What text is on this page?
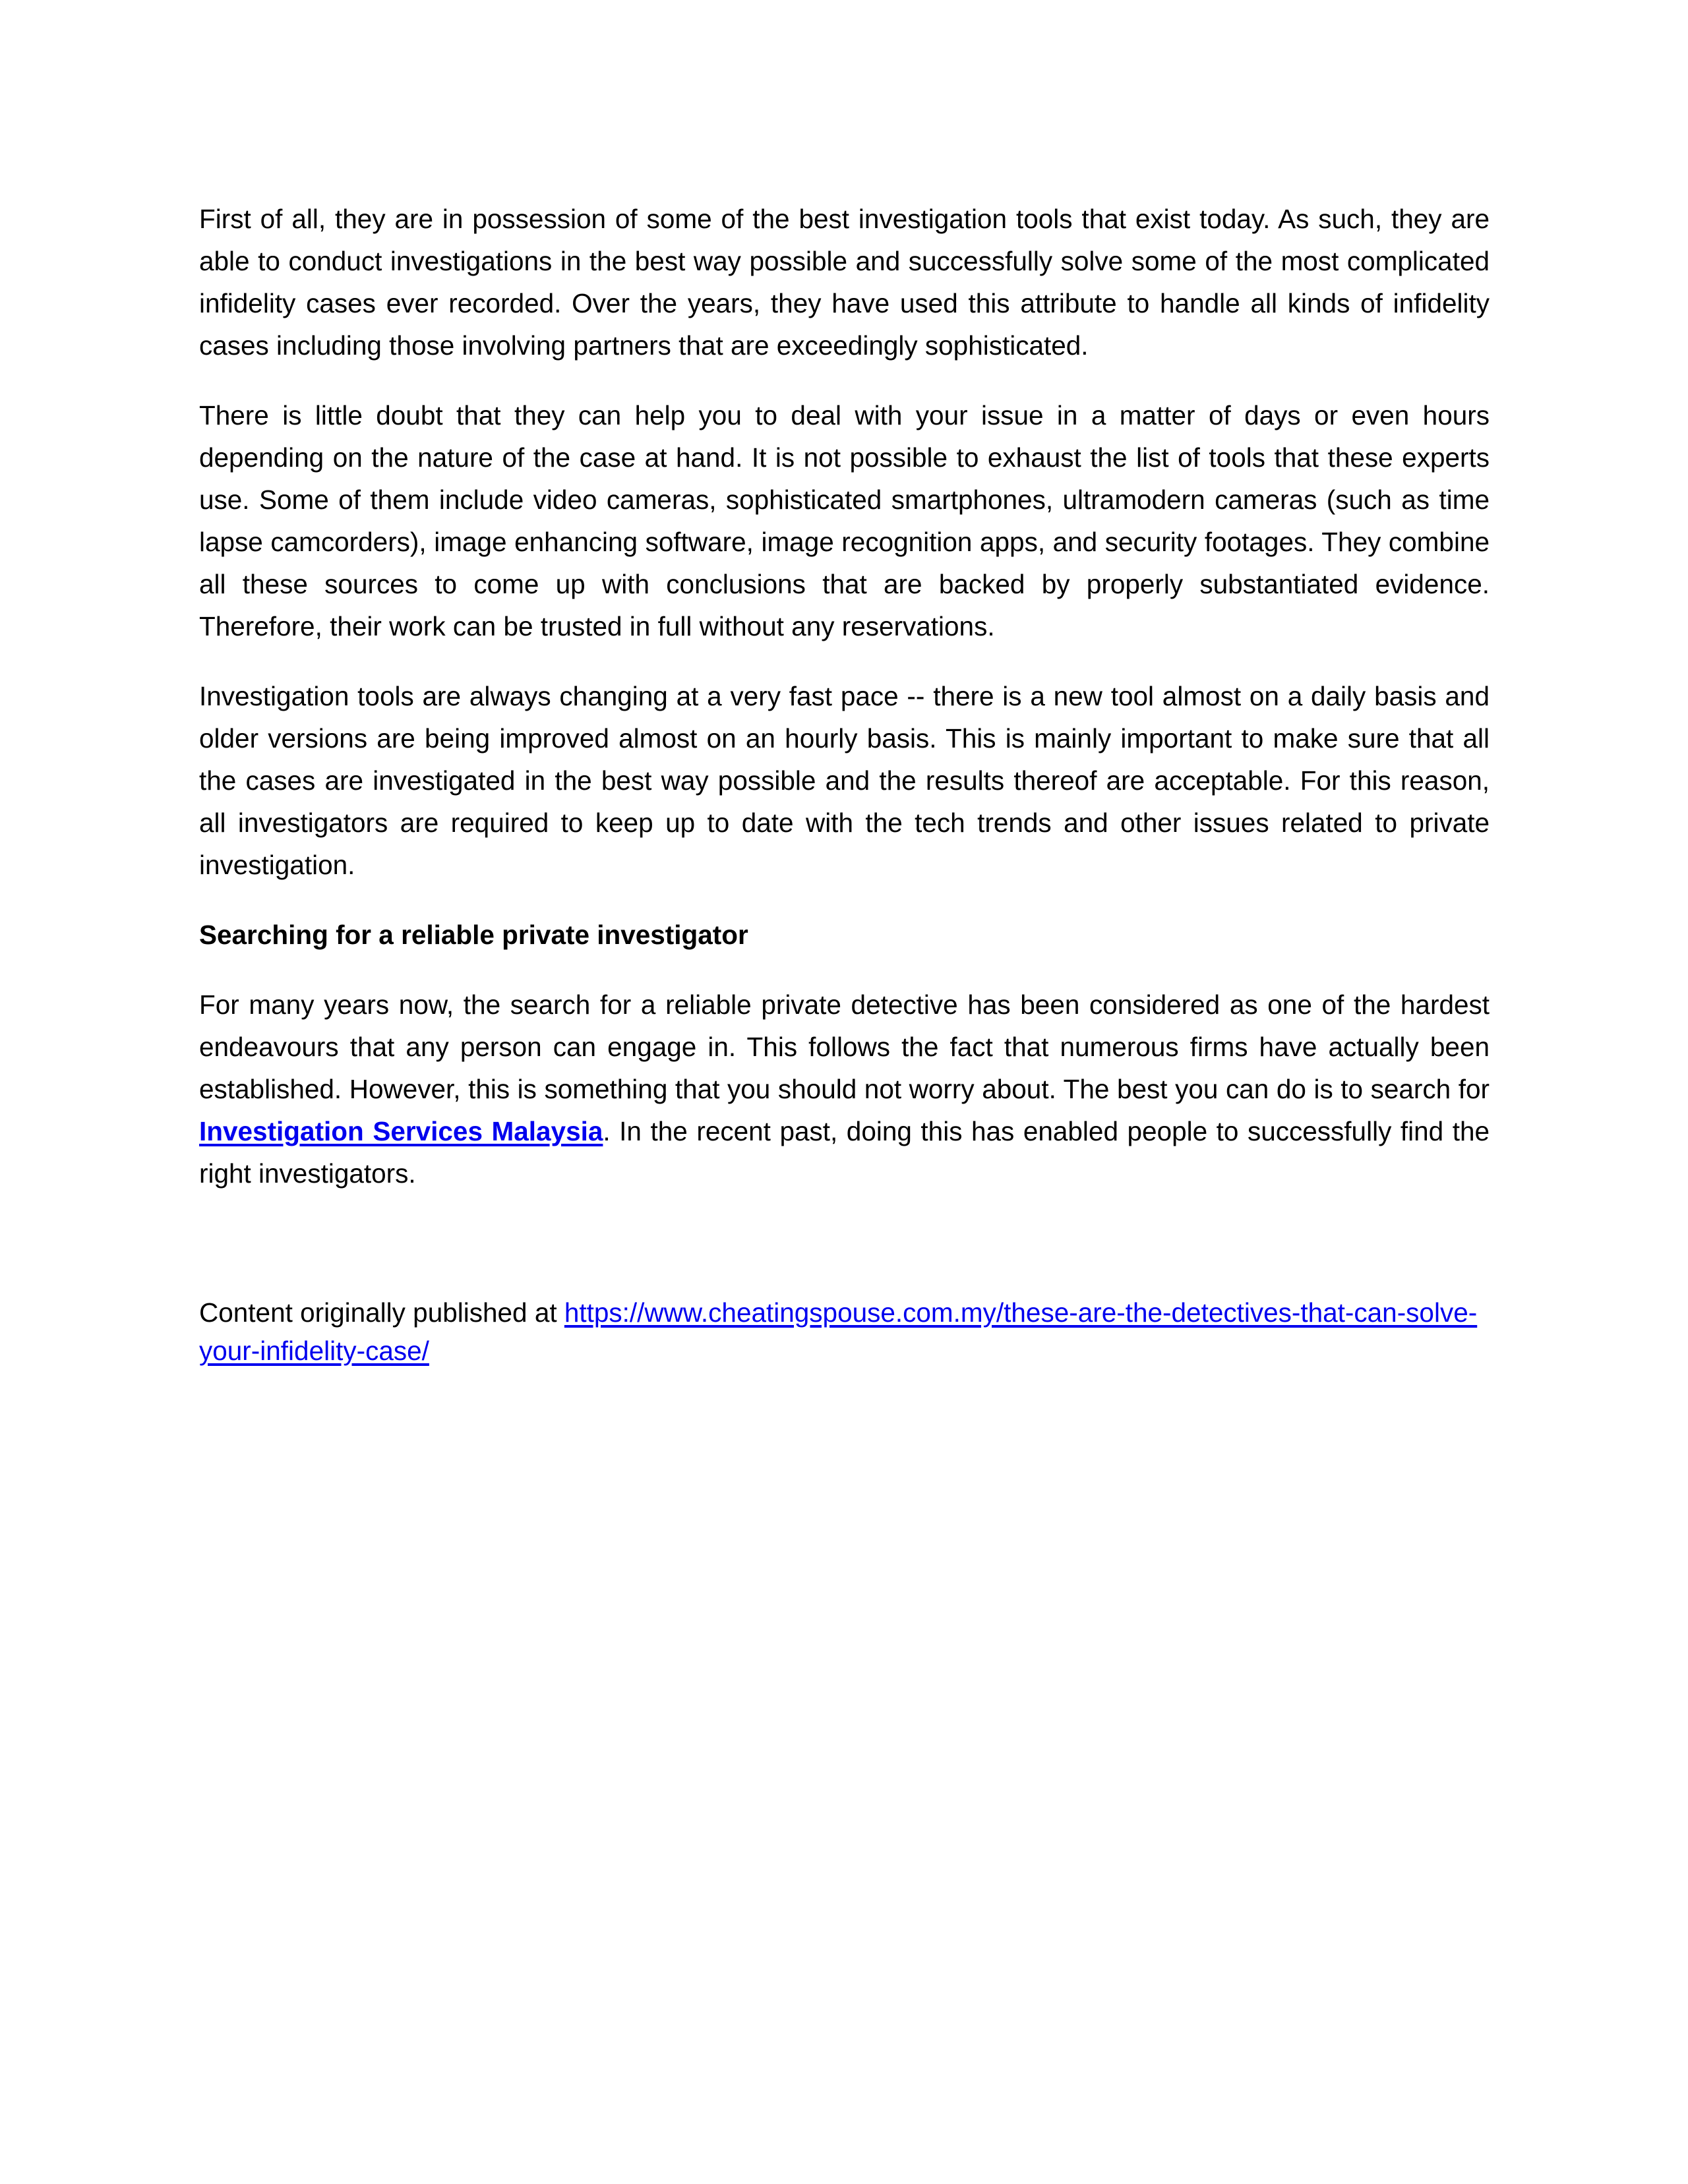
First of all, they are in possession of some of the best investigation tools that exist today. As such, they are able to conduct investigations in the best way possible and successfully solve some of the most complicated infidelity cases ever recorded. Over the years, they have used this attribute to handle all kinds of infidelity cases including those involving partners that are exceedingly sophisticated.

There is little doubt that they can help you to deal with your issue in a matter of days or even hours depending on the nature of the case at hand. It is not possible to exhaust the list of tools that these experts use. Some of them include video cameras, sophisticated smartphones, ultramodern cameras (such as time lapse camcorders), image enhancing software, image recognition apps, and security footages. They combine all these sources to come up with conclusions that are backed by properly substantiated evidence. Therefore, their work can be trusted in full without any reservations.

Investigation tools are always changing at a very fast pace -- there is a new tool almost on a daily basis and older versions are being improved almost on an hourly basis. This is mainly important to make sure that all the cases are investigated in the best way possible and the results thereof are acceptable. For this reason, all investigators are required to keep up to date with the tech trends and other issues related to private investigation.

Searching for a reliable private investigator

For many years now, the search for a reliable private detective has been considered as one of the hardest endeavours that any person can engage in. This follows the fact that numerous firms have actually been established. However, this is something that you should not worry about. The best you can do is to search for Investigation Services Malaysia. In the recent past, doing this has enabled people to successfully find the right investigators.

Content originally published at https://www.cheatingspouse.com.my/these-are-the-detectives-that-can-solve-your-infidelity-case/
